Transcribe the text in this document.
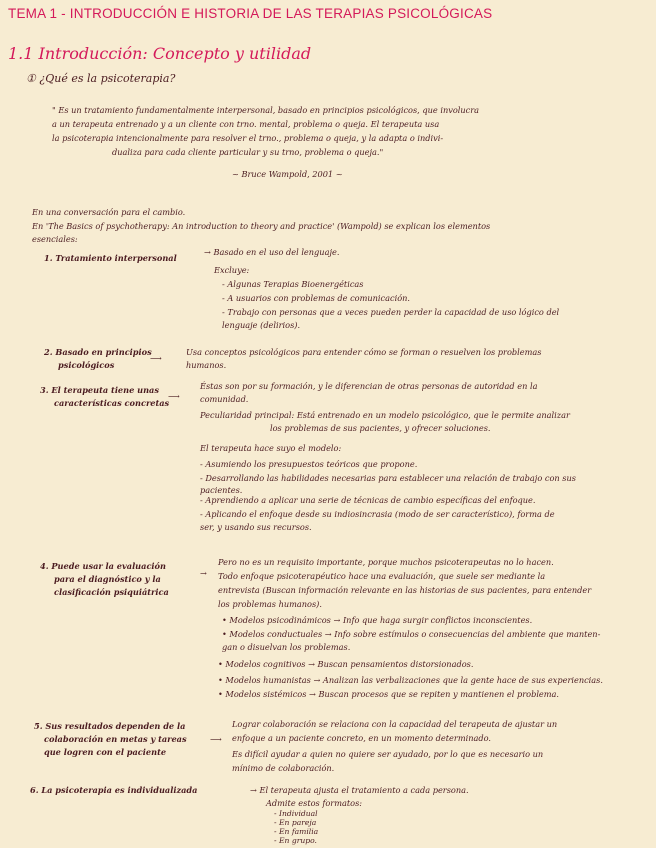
TEMA 1 - INTRODUCCIÓN E HISTORIA DE LAS TERAPIAS PSICOLÓGICAS
1.1 Introducción: Concepto y utilidad
① ¿Qué es la psicoterapia?
" Es un tratamiento fundamentalmente interpersonal, basado en principios psicológicos, que involucra
a un terapeuta entrenado y a un cliente con trno. mental, problema o queja. El terapeuta usa
la psicoterapia intencionalmente para resolver el trno., problema o queja, y la adapta o indivi-
dualiza para cada cliente particular y su trno, problema o queja."
~ Bruce Wampold, 2001 ~
En una conversación para el cambio.
En 'The Basics of psychotherapy: An introduction to theory and practice' (Wampold) se explican los elementos
esenciales:
1. Tratamiento interpersonal
→ Basado en el uso del lenguaje.
Excluye:
- Algunas Terapias Bioenergéticas
- A usuarios con problemas de comunicación.
- Trabajo con personas que a veces pueden perder la capacidad de uso lógico del
lenguaje (delirios).
2. Basado en principios
psicológicos
⟶
Usa conceptos psicológicos para entender cómo se forman o resuelven los problemas
humanos.
3. El terapeuta tiene unas
características concretas
⟶
Éstas son por su formación, y le diferencian de otras personas de autoridad en la
comunidad.
Peculiaridad principal: Está entrenado en un modelo psicológico, que le permite analizar
los problemas de sus pacientes, y ofrecer soluciones.
El terapeuta hace suyo el modelo:
- Asumiendo los presupuestos teóricos que propone.
- Desarrollando las habilidades necesarias para establecer una relación de trabajo con sus
pacientes.
- Aprendiendo a aplicar una serie de técnicas de cambio específicas del enfoque.
- Aplicando el enfoque desde su indiosincrasia (modo de ser característico), forma de
ser, y usando sus recursos.
4. Puede usar la evaluación
para el diagnóstico y la
clasificación psiquiátrica
→
Pero no es un requisito importante, porque muchos psicoterapeutas no lo hacen.
Todo enfoque psicoterapéutico hace una evaluación, que suele ser mediante la
entrevista (Buscan información relevante en las historias de sus pacientes, para entender
los problemas humanos).
• Modelos psicodinámicos → Info que haga surgir conflictos inconscientes.
• Modelos conductuales → Info sobre estímulos o consecuencias del ambiente que manten-
gan o disuelvan los problemas.
• Modelos cognitivos → Buscan pensamientos distorsionados.
• Modelos humanistas → Analizan las verbalizaciones que la gente hace de sus experiencias.
• Modelos sistémicos → Buscan procesos que se repiten y mantienen el problema.
5. Sus resultados dependen de la
colaboración en metas y tareas
que logren con el paciente
⟶
Lograr colaboración se relaciona con la capacidad del terapeuta de ajustar un
enfoque a un paciente concreto, en un momento determinado.
Es difícil ayudar a quien no quiere ser ayudado, por lo que es necesario un
mínimo de colaboración.
6. La psicoterapia es individualizada	→ El terapeuta ajusta el tratamiento a cada persona.
Admite estos formatos:
- Individual
- En pareja
- En familia
- En grupo.
